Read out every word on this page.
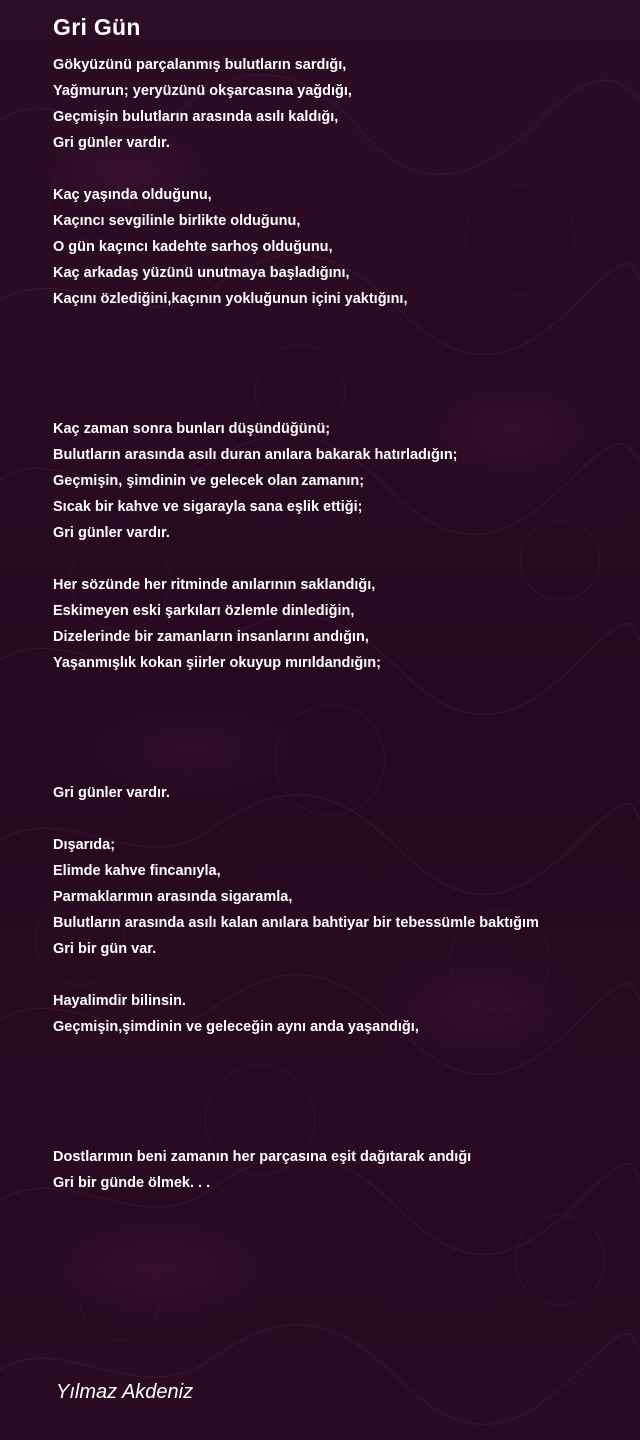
Gri Gün
Gökyüzünü parçalanmış bulutların sardığı,
Yağmurun; yeryüzünü okşarcasına yağdığı,
Geçmişin bulutların arasında asılı kaldığı,
Gri günler vardır.
Kaç yaşında olduğunu,
Kaçıncı sevgilinle birlikte olduğunu,
O gün kaçıncı kadehte sarhoş olduğunu,
Kaç arkadaş yüzünü unutmaya başladığını,
Kaçını özlediğini,kaçının yokluğunun içini yaktığını,
Kaç zaman sonra bunları düşündüğünü;
Bulutların arasında asılı duran anılara bakarak hatırladığın;
Geçmişin, şimdinin ve gelecek olan zamanın;
Sıcak bir kahve ve sigarayla sana eşlik ettiği;
Gri günler vardır.
Her sözünde her ritminde anılarının saklandığı,
Eskimeyen eski şarkıları özlemle dinlediğin,
Dizelerinde bir zamanların insanlarını andığın,
Yaşanmışlık kokan şiirler okuyup mırıldandığın;
Gri günler vardır.
Dışarıda;
Elimde kahve fincanıyla,
Parmaklarımın arasında sigaramla,
Bulutların arasında asılı kalan anılara bahtiyar bir tebessümle baktığım
Gri bir gün var.
Hayalimdir bilinsin.
Geçmişin,şimdinin ve geleceğin aynı anda yaşandığı,
Dostlarımın beni zamanın her parçasına eşit dağıtarak andığı
Gri bir günde ölmek. . .
Yılmaz Akdeniz
